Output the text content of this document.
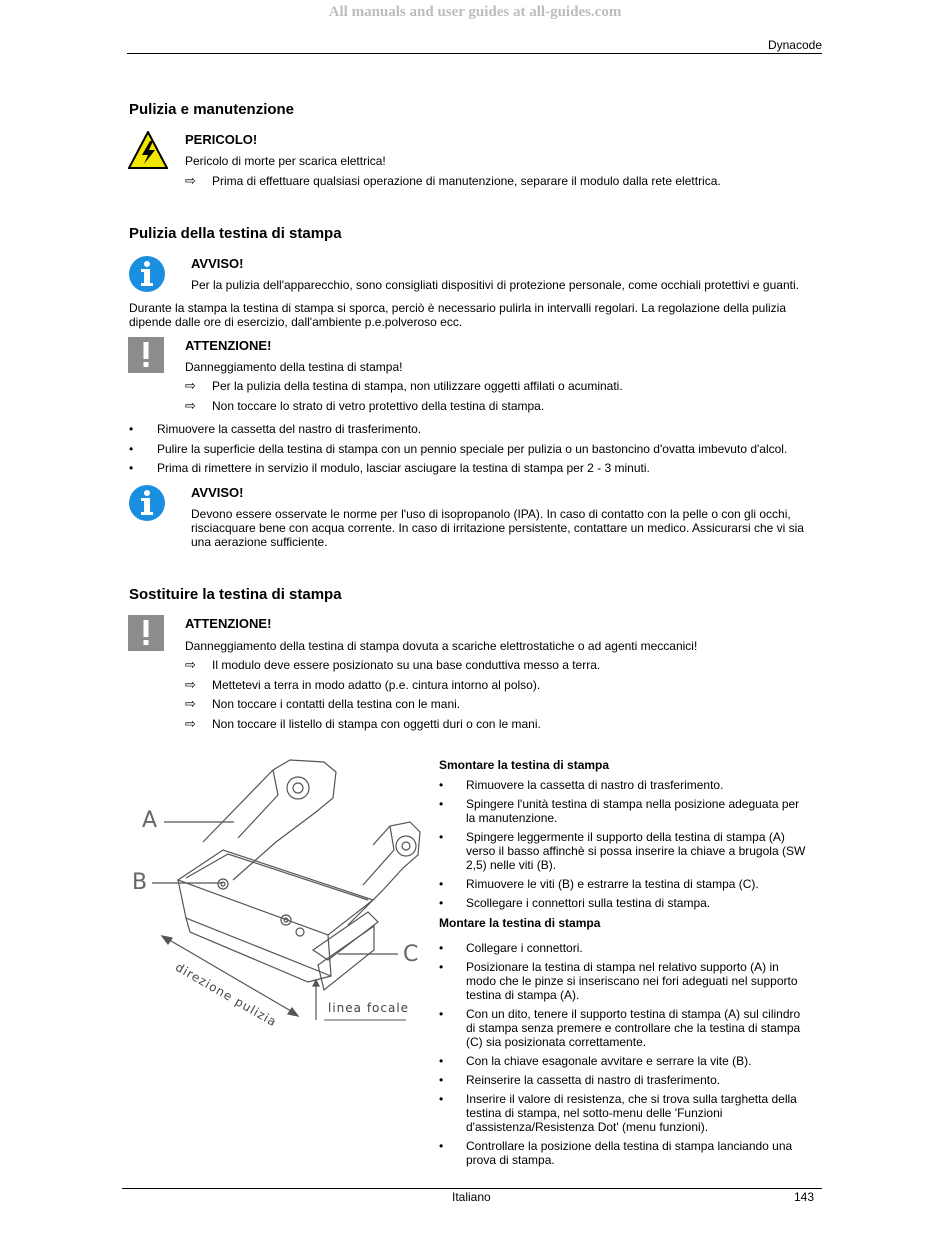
All manuals and user guides at all-guides.com
Dynacode
Pulizia e manutenzione
PERICOLO!
Pericolo di morte per scarica elettrica!
⇨ Prima di effettuare qualsiasi operazione di manutenzione, separare il modulo dalla rete elettrica.
Pulizia della testina di stampa
AVVISO!
Per la pulizia dell'apparecchio, sono consigliati dispositivi di protezione personale, come occhiali protettivi e guanti.
Durante la stampa la testina di stampa si sporca, perciò è necessario pulirla in intervalli regolari. La regolazione della pulizia
dipende dalle ore di esercizio, dall'ambiente p.e.polveroso ecc.
ATTENZIONE!
Danneggiamento della testina di stampa!
⇨ Per la pulizia della testina di stampa, non utilizzare oggetti affilati o acuminati.
⇨ Non toccare lo strato di vetro protettivo della testina di stampa.
• Rimuovere la cassetta del nastro di trasferimento.
• Pulire la superficie della testina di stampa con un pennio speciale per pulizia o un bastoncino d'ovatta imbevuto d'alcol.
• Prima di rimettere in servizio il modulo, lasciar asciugare la testina di stampa per 2 - 3 minuti.
AVVISO!
Devono essere osservate le norme per l'uso di isopropanolo (IPA). In caso di contatto con la pelle o con gli occhi,
risciacquare bene con acqua corrente. In caso di irritazione persistente, contattare un medico. Assicurarsi che vi sia
una aerazione sufficiente.
Sostituire la testina di stampa
ATTENZIONE!
Danneggiamento della testina di stampa dovuta a scariche elettrostatiche o ad agenti meccanici!
⇨ Il modulo deve essere posizionato su una base conduttiva messo a terra.
⇨ Mettetevi a terra in modo adatto (p.e. cintura intorno al polso).
⇨ Non toccare i contatti della testina con le mani.
⇨ Non toccare il listello di stampa con oggetti duri o con le mani.
A
B
C
direzione pulizia	linea focale
Smontare la testina di stampa
• Rimuovere la cassetta di nastro di trasferimento.
• Spingere l'unità testina di stampa nella posizione adeguata per
la manutenzione.
• Spingere leggermente il supporto della testina di stampa (A)
verso il basso affinchè si possa inserire la chiave a brugola (SW
2,5) nelle viti (B).
• Rimuovere le viti (B) e estrarre la testina di stampa (C).
• Scollegare i connettori sulla testina di stampa.
Montare la testina di stampa
• Collegare i connettori.
• Posizionare la testina di stampa nel relativo supporto (A) in
modo che le pinze si inseriscano nei fori adeguati nel supporto
testina di stampa (A).
• Con un dito, tenere il supporto testina di stampa (A) sul cilindro
di stampa senza premere e controllare che la testina di stampa
(C) sia posizionata correttamente.
• Con la chiave esagonale avvitare e serrare la vite (B).
• Reinserire la cassetta di nastro di trasferimento.
• Inserire il valore di resistenza, che si trova sulla targhetta della
testina di stampa, nel sotto-menu delle 'Funzioni
d'assistenza/Resistenza Dot' (menu funzioni).
• Controllare la posizione della testina di stampa lanciando una
prova di stampa.
Italiano	143
